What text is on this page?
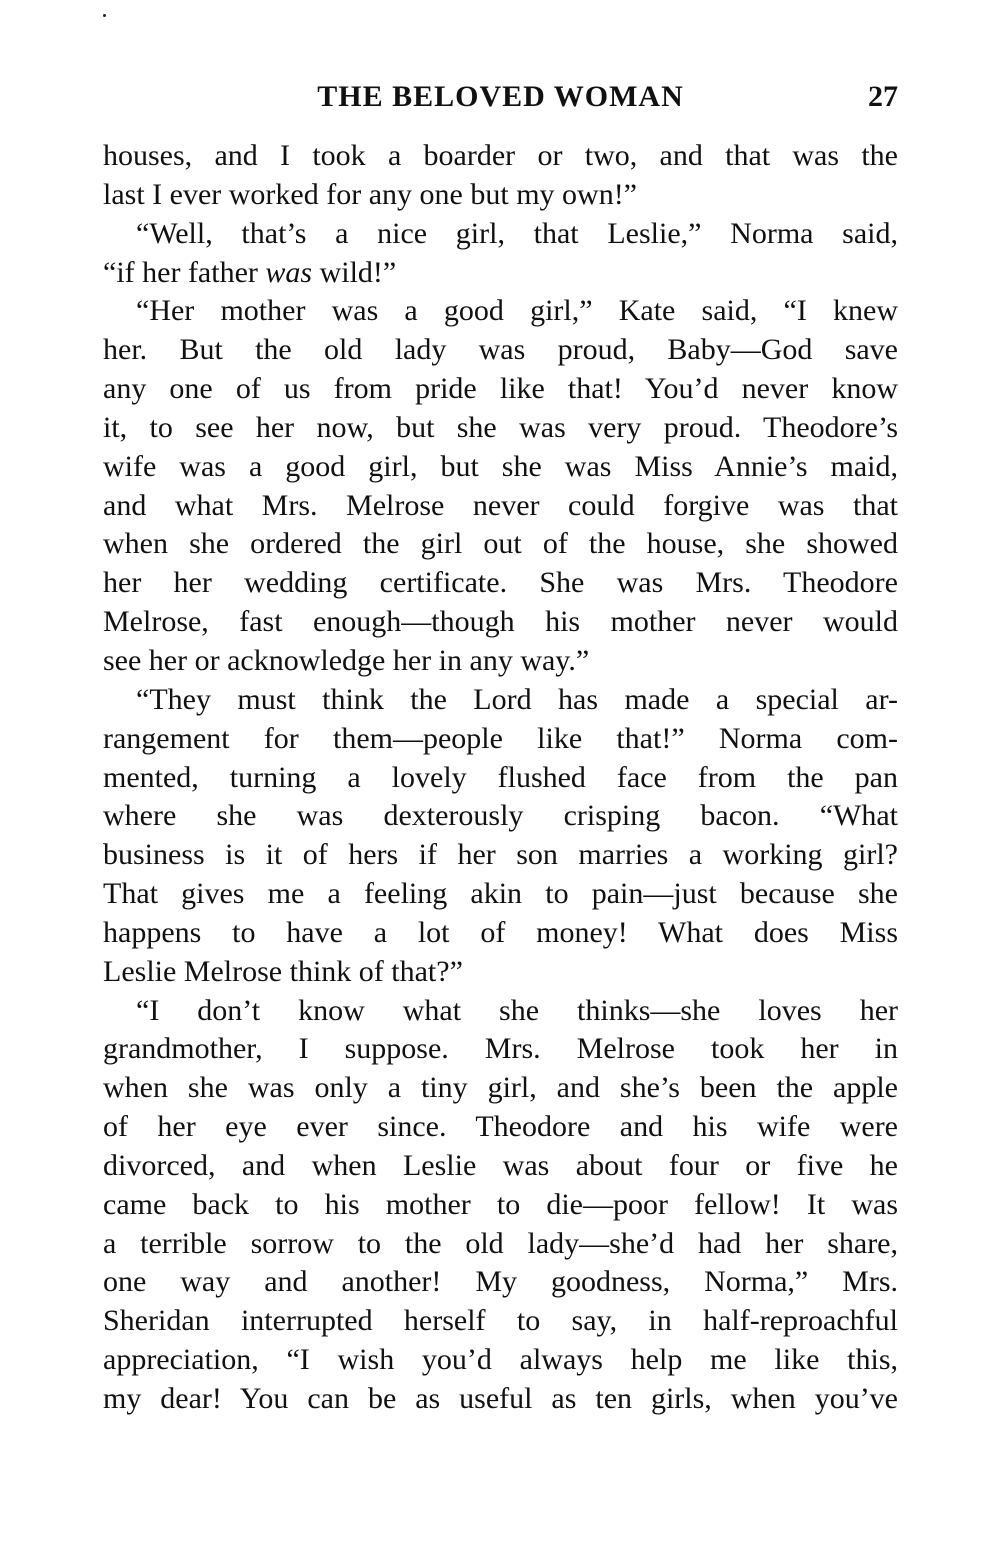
THE BELOVED WOMAN	27
houses, and I took a boarder or two, and that was the
last I ever worked for any one but my own!”
“Well, that’s a nice girl, that Leslie,” Norma said,
“if her father was wild!”
“Her mother was a good girl,” Kate said, “I knew
her. But the old lady was proud, Baby—God save
any one of us from pride like that! You’d never know
it, to see her now, but she was very proud. Theodore’s
wife was a good girl, but she was Miss Annie’s maid,
and what Mrs. Melrose never could forgive was that
when she ordered the girl out of the house, she showed
her her wedding certificate. She was Mrs. Theodore
Melrose, fast enough—though his mother never would
see her or acknowledge her in any way.”
“They must think the Lord has made a special ar-
rangement for them—people like that!” Norma com-
mented, turning a lovely flushed face from the pan
where she was dexterously crisping bacon. “What
business is it of hers if her son marries a working girl?
That gives me a feeling akin to pain—just because she
happens to have a lot of money! What does Miss
Leslie Melrose think of that?”
“I don’t know what she thinks—she loves her
grandmother, I suppose. Mrs. Melrose took her in
when she was only a tiny girl, and she’s been the apple
of her eye ever since. Theodore and his wife were
divorced, and when Leslie was about four or five he
came back to his mother to die—poor fellow! It was
a terrible sorrow to the old lady—she’d had her share,
one way and another! My goodness, Norma,” Mrs.
Sheridan interrupted herself to say, in half-reproachful
appreciation, “I wish you’d always help me like this,
my dear! You can be as useful as ten girls, when you’ve
